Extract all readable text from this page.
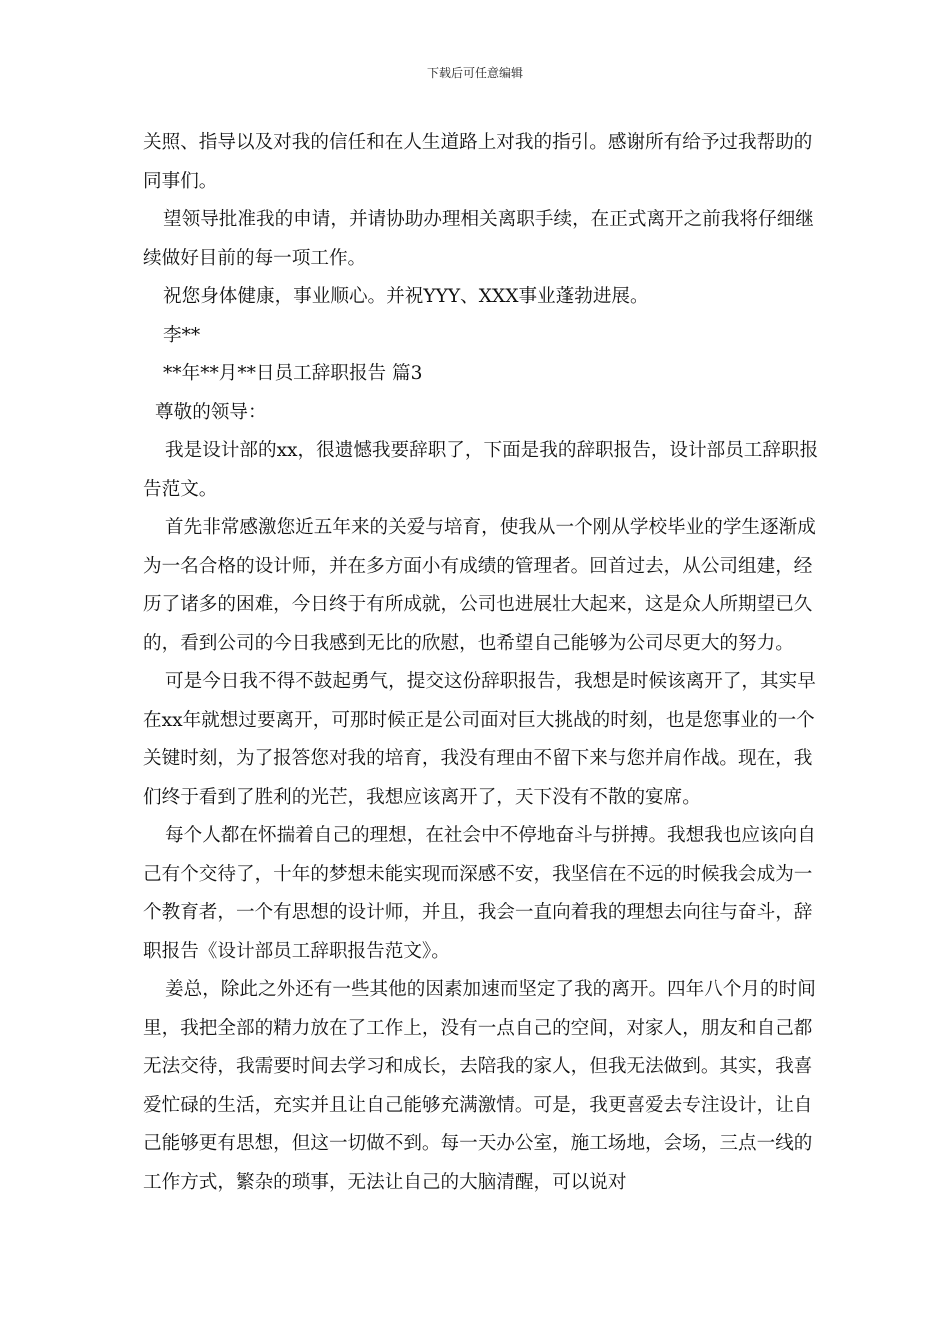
下载后可任意编辑

关照、指导以及对我的信任和在人生道路上对我的指引。感谢所有给予过我帮助的同事们。

望领导批准我的申请，并请协助办理相关离职手续，在正式离开之前我将仔细继续做好目前的每一项工作。

祝您身体健康，事业顺心。并祝YYY、XXX事业蓬勃进展。

李**

**年**月**日员工辞职报告 篇3

尊敬的领导：

我是设计部的xx，很遗憾我要辞职了，下面是我的辞职报告，设计部员工辞职报告范文。

首先非常感激您近五年来的关爱与培育，使我从一个刚从学校毕业的学生逐渐成为一名合格的设计师，并在多方面小有成绩的管理者。回首过去，从公司组建，经历了诸多的困难，今日终于有所成就，公司也进展壮大起来，这是众人所期望已久的，看到公司的今日我感到无比的欣慰，也希望自己能够为公司尽更大的努力。

可是今日我不得不鼓起勇气，提交这份辞职报告，我想是时候该离开了，其实早在xx年就想过要离开，可那时候正是公司面对巨大挑战的时刻，也是您事业的一个关键时刻，为了报答您对我的培育，我没有理由不留下来与您并肩作战。现在，我们终于看到了胜利的光芒，我想应该离开了，天下没有不散的宴席。

每个人都在怀揣着自己的理想，在社会中不停地奋斗与拼搏。我想我也应该向自己有个交待了，十年的梦想未能实现而深感不安，我坚信在不远的时候我会成为一个教育者，一个有思想的设计师，并且，我会一直向着我的理想去向往与奋斗，辞职报告《设计部员工辞职报告范文》。

姜总，除此之外还有一些其他的因素加速而坚定了我的离开。四年八个月的时间里，我把全部的精力放在了工作上，没有一点自己的空间，对家人，朋友和自己都无法交待，我需要时间去学习和成长，去陪我的家人，但我无法做到。其实，我喜爱忙碌的生活，充实并且让自己能够充满激情。可是，我更喜爱去专注设计，让自己能够更有思想，但这一切做不到。每一天办公室，施工场地，会场，三点一线的工作方式，繁杂的琐事，无法让自己的大脑清醒，可以说对
